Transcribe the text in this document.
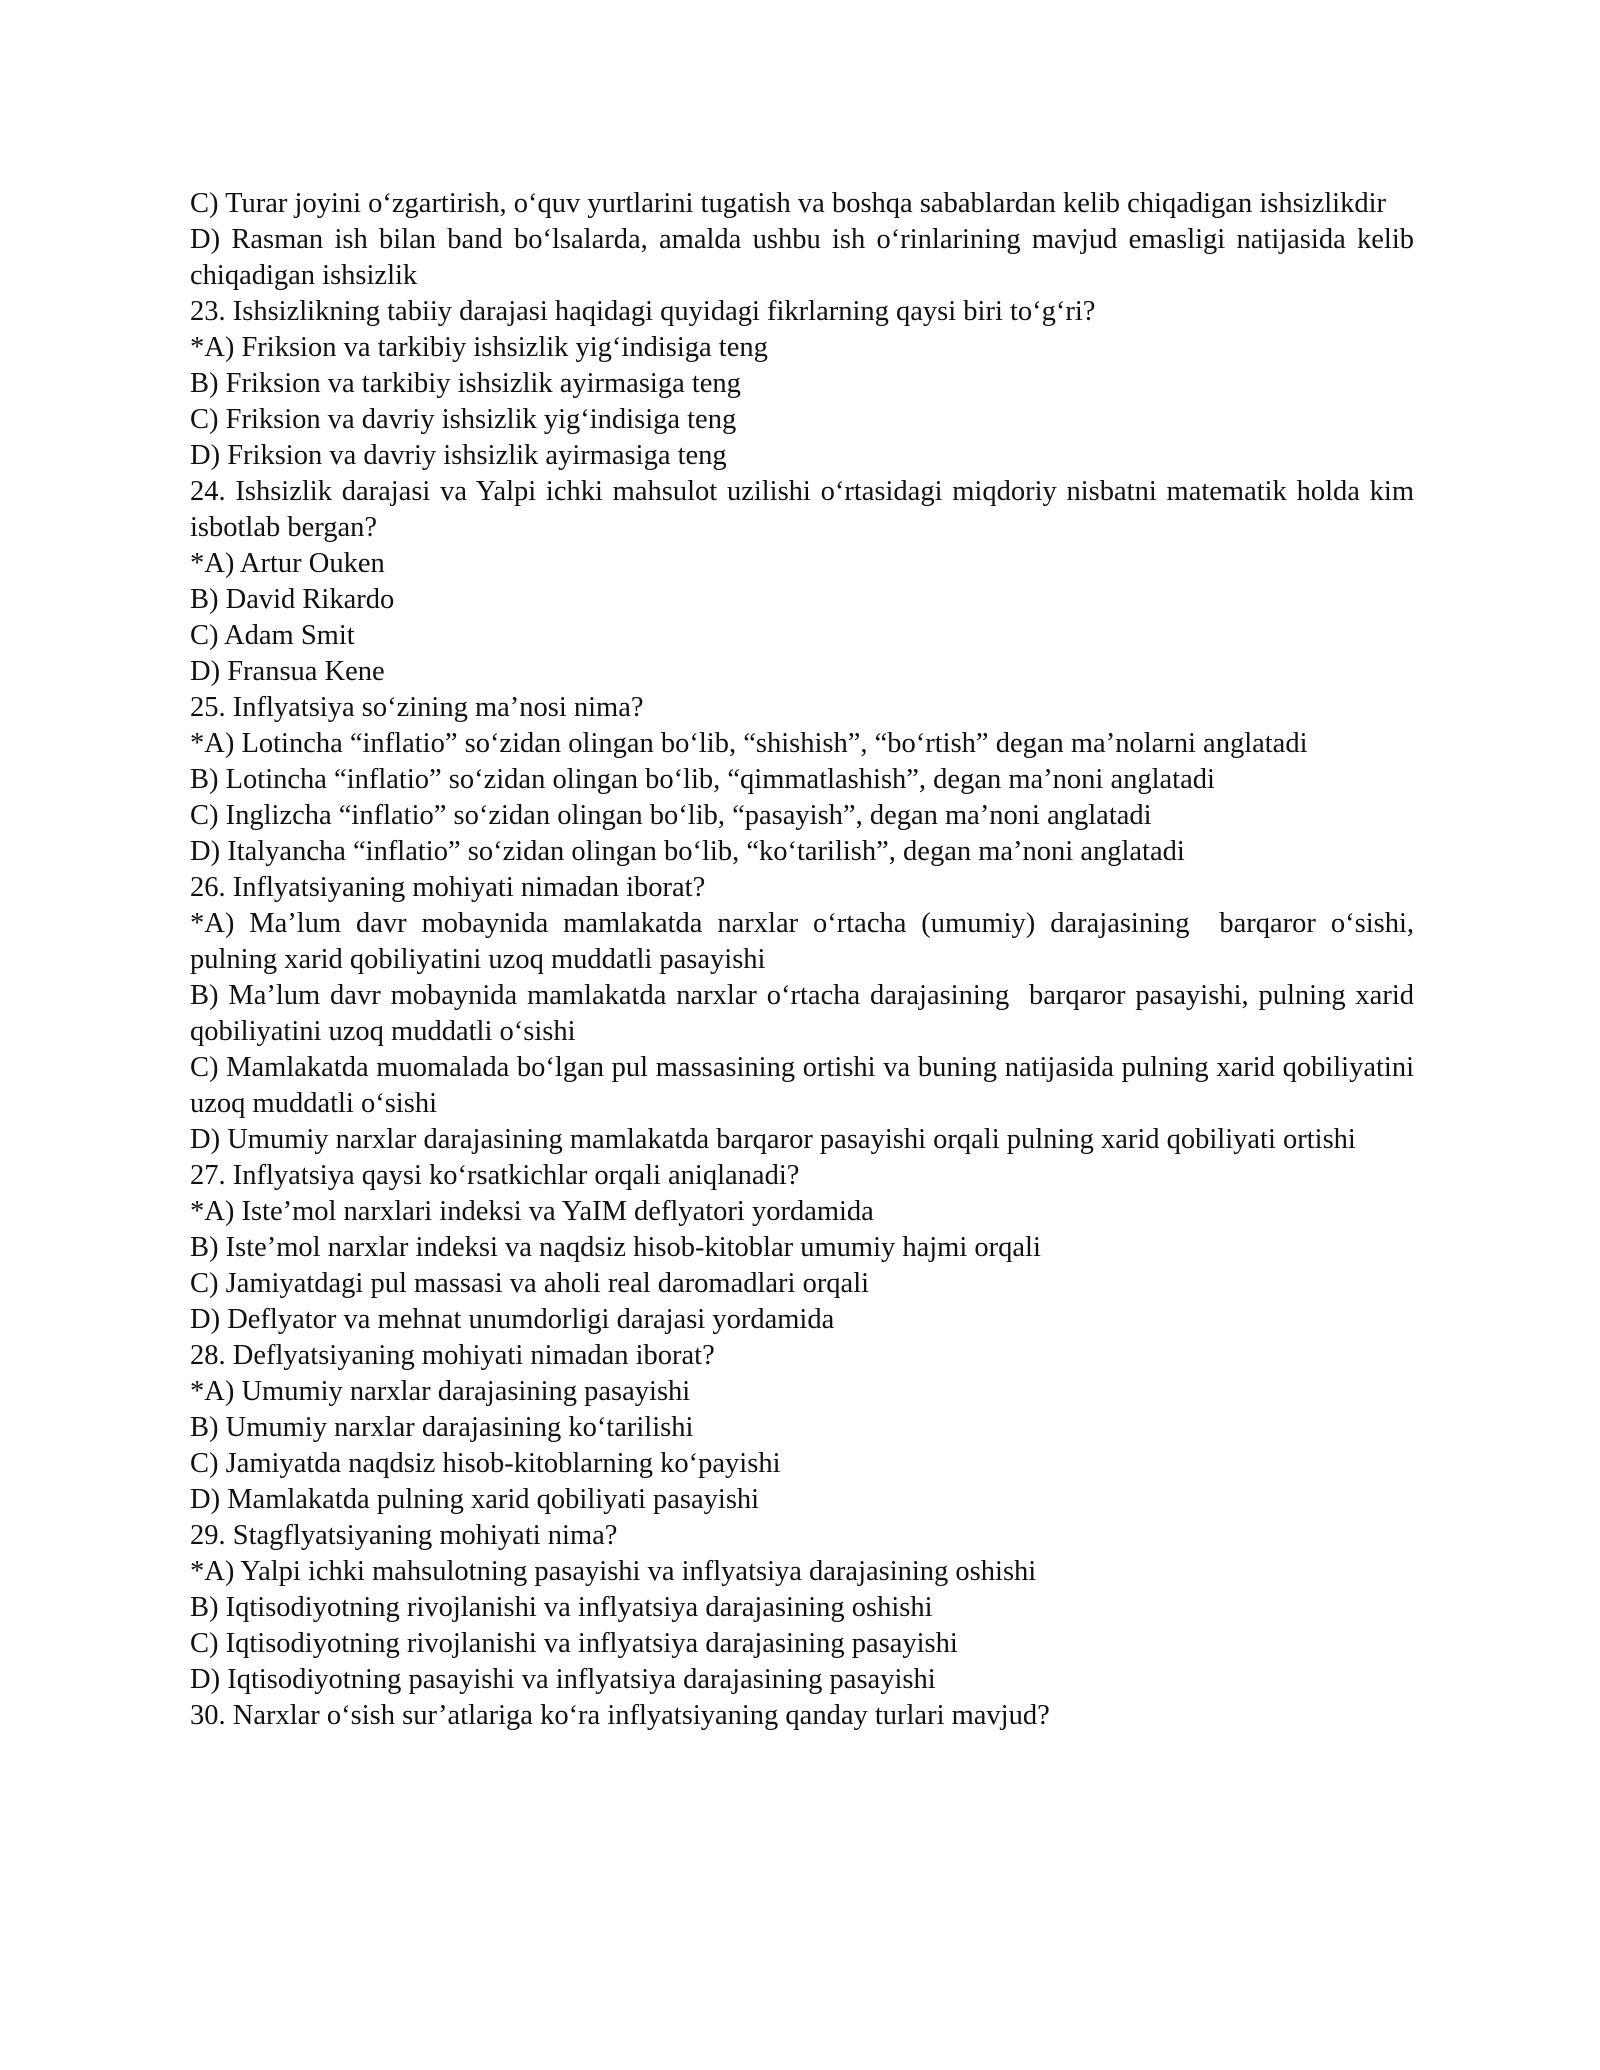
C) Turar joyini o‘zgartirish, o‘quv yurtlarini tugatish va boshqa sabablardan kelib chiqadigan ishsizlikdir
D) Rasman ish bilan band bo‘lsalarda, amalda ushbu ish o‘rinlarining mavjud emasligi natijasida kelib chiqadigan ishsizlik
23. Ishsizlikning tabiiy darajasi haqidagi quyidagi fikrlarning qaysi biri to‘g‘ri?
*A) Friksion va tarkibiy ishsizlik yig‘indisiga teng
B) Friksion va tarkibiy ishsizlik ayirmasiga teng
C) Friksion va davriy ishsizlik yig‘indisiga teng
D) Friksion va davriy ishsizlik ayirmasiga teng
24. Ishsizlik darajasi va Yalpi ichki mahsulot uzilishi o‘rtasidagi miqdoriy nisbatni matematik holda kim isbotlab bergan?
*A) Artur Ouken
B) David Rikardo
C) Adam Smit
D) Fransua Kene
25. Inflyatsiya so‘zining ma’nosi nima?
*A) Lotincha “inflatio” so‘zidan olingan bo‘lib, “shishish”, “bo‘rtish” degan ma’nolarni anglatadi
B) Lotincha “inflatio” so‘zidan olingan bo‘lib, “qimmatlashish”, degan ma’noni anglatadi
C) Inglizcha “inflatio” so‘zidan olingan bo‘lib, “pasayish”, degan ma’noni anglatadi
D) Italyancha “inflatio” so‘zidan olingan bo‘lib, “ko‘tarilish”, degan ma’noni anglatadi
26. Inflyatsiyaning mohiyati nimadan iborat?
*A) Ma’lum davr mobaynida mamlakatda narxlar o‘rtacha (umumiy) darajasining  barqaror o‘sishi, pulning xarid qobiliyatini uzoq muddatli pasayishi
B) Ma’lum davr mobaynida mamlakatda narxlar o‘rtacha darajasining  barqaror pasayishi, pulning xarid qobiliyatini uzoq muddatli o‘sishi
C) Mamlakatda muomalada bo‘lgan pul massasining ortishi va buning natijasida pulning xarid qobiliyatini uzoq muddatli o‘sishi
D) Umumiy narxlar darajasining mamlakatda barqaror pasayishi orqali pulning xarid qobiliyati ortishi
27. Inflyatsiya qaysi ko‘rsatkichlar orqali aniqlanadi?
*A) Iste’mol narxlari indeksi va YaIM deflyatori yordamida
B) Iste’mol narxlar indeksi va naqdsiz hisob-kitoblar umumiy hajmi orqali
C) Jamiyatdagi pul massasi va aholi real daromadlari orqali
D) Deflyator va mehnat unumdorligi darajasi yordamida
28. Deflyatsiyaning mohiyati nimadan iborat?
*A) Umumiy narxlar darajasining pasayishi
B) Umumiy narxlar darajasining ko‘tarilishi
C) Jamiyatda naqdsiz hisob-kitoblarning ko‘payishi
D) Mamlakatda pulning xarid qobiliyati pasayishi
29. Stagflyatsiyaning mohiyati nima?
*A) Yalpi ichki mahsulotning pasayishi va inflyatsiya darajasining oshishi
B) Iqtisodiyotning rivojlanishi va inflyatsiya darajasining oshishi
C) Iqtisodiyotning rivojlanishi va inflyatsiya darajasining pasayishi
D) Iqtisodiyotning pasayishi va inflyatsiya darajasining pasayishi
30. Narxlar o‘sish sur’atlariga ko‘ra inflyatsiyaning qanday turlari mavjud?
